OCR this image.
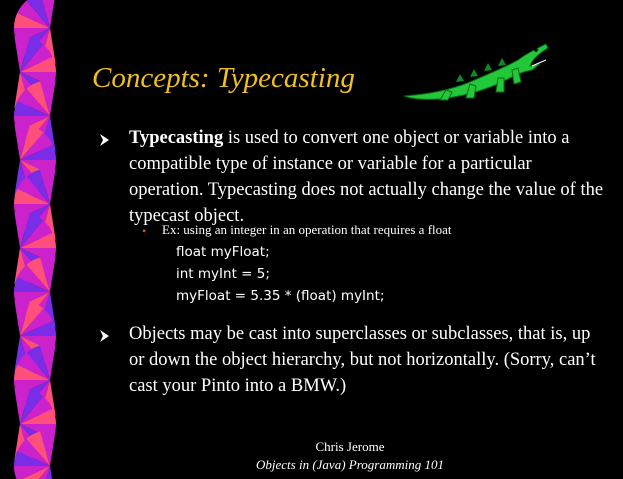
Concepts: Typecasting
Typecasting is used to convert one object or variable into a compatible type of instance or variable for a particular operation. Typecasting does not actually change the value of the typecast object.
• Ex: using an integer in an operation that requires a float
float myFloat;
int myInt = 5;
myFloat = 5.35 * (float) myInt;
Objects may be cast into superclasses or subclasses, that is, up or down the object hierarchy, but not horizontally. (Sorry, can’t cast your Pinto into a BMW.)
Chris Jerome
Objects in (Java) Programming 101
